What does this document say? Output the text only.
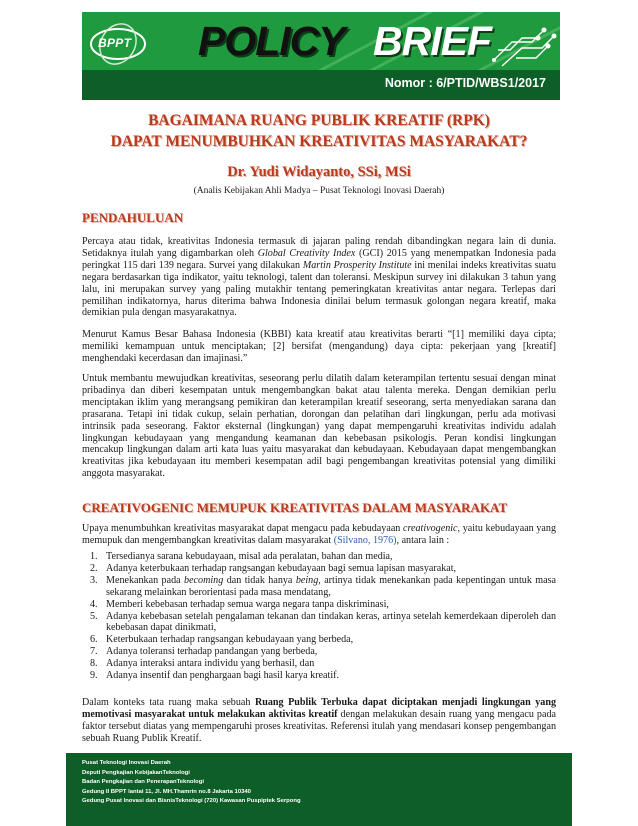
BPPT POLICY BRIEF
Nomor : 6/PTID/WBS1/2017
BAGAIMANA RUANG PUBLIK KREATIF (RPK)
DAPAT MENUMBUHKAN KREATIVITAS MASYARAKAT?
Dr. Yudi Widayanto, SSi, MSi
(Analis Kebijakan Ahli Madya – Pusat Teknologi Inovasi Daerah)
PENDAHULUAN

Percaya atau tidak, kreativitas Indonesia termasuk di jajaran paling rendah dibandingkan negara lain di dunia. Setidaknya itulah yang digambarkan oleh Global Creativity Index (GCI) 2015 yang menempatkan Indonesia pada peringkat 115 dari 139 negara. Survei yang dilakukan Martin Prosperity Institute ini menilai indeks kreativitas suatu negara berdasarkan tiga indikator, yaitu teknologi, talent dan toleransi. Meskipun survey ini dilakukan 3 tahun yang lalu, ini merupakan survey yang paling mutakhir tentang pemeringkatan kreativitas antar negara. Terlepas dari pemilihan indikatornya, harus diterima bahwa Indonesia dinilai belum termasuk golongan negara kreatif, maka demikian pula dengan masyarakatnya.

Menurut Kamus Besar Bahasa Indonesia (KBBI) kata kreatif atau kreativitas berarti “[1] memiliki daya cipta; memiliki kemampuan untuk menciptakan; [2] bersifat (mengandung) daya cipta: pekerjaan yang [kreatif] menghendaki kecerdasan dan imajinasi.”

Untuk membantu mewujudkan kreativitas, seseorang perlu dilatih dalam keterampilan tertentu sesuai dengan minat pribadinya dan diberi kesempatan untuk mengembangkan bakat atau talenta mereka. Dengan demikian perlu menciptakan iklim yang merangsang pemikiran dan keterampilan kreatif seseorang, serta menyediakan sarana dan prasarana. Tetapi ini tidak cukup, selain perhatian, dorongan dan pelatihan dari lingkungan, perlu ada motivasi intrinsik pada seseorang. Faktor eksternal (lingkungan) yang dapat mempengaruhi kreativitas individu adalah lingkungan kebudayaan yang mengandung keamanan dan kebebasan psikologis. Peran kondisi lingkungan mencakup lingkungan dalam arti kata luas yaitu masyarakat dan kebudayaan. Kebudayaan dapat mengembangkan kreativitas jika kebudayaan itu memberi kesempatan adil bagi pengembangan kreativitas potensial yang dimiliki anggota masyarakat.

CREATIVOGENIC MEMUPUK KREATIVITAS DALAM MASYARAKAT

Upaya menumbuhkan kreativitas masyarakat dapat mengacu pada kebudayaan creativogenic, yaitu kebudayaan yang memupuk dan mengembangkan kreativitas dalam masyarakat (Silvano, 1976), antara lain :

1. Tersedianya sarana kebudayaan, misal ada peralatan, bahan dan media,
2. Adanya keterbukaan terhadap rangsangan kebudayaan bagi semua lapisan masyarakat,
3. Menekankan pada becoming dan tidak hanya being, artinya tidak menekankan pada kepentingan untuk masa sekarang melainkan berorientasi pada masa mendatang,
4. Memberi kebebasan terhadap semua warga negara tanpa diskriminasi,
5. Adanya kebebasan setelah pengalaman tekanan dan tindakan keras, artinya setelah kemerdekaan diperoleh dan kebebasan dapat dinikmati,
6. Keterbukaan terhadap rangsangan kebudayaan yang berbeda,
7. Adanya toleransi terhadap pandangan yang berbeda,
8. Adanya interaksi antara individu yang berhasil, dan
9. Adanya insentif dan penghargaan bagi hasil karya kreatif.

Dalam konteks tata ruang maka sebuah Ruang Publik Terbuka dapat diciptakan menjadi lingkungan yang memotivasi masyarakat untuk melakukan aktivitas kreatif dengan melakukan desain ruang yang mengacu pada faktor tersebut diatas yang mempengaruhi proses kreativitas. Referensi itulah yang mendasari konsep pengembangan sebuah Ruang Publik Kreatif.

Pusat Teknologi Inovasi Daerah
Deputi Pengkajian KebijakanTeknologi
Badan Pengkajian dan PenerapanTeknologi
Gedung II BPPT lantai 11, Jl. MH.Thamrin no.8 Jakarta 10340
Gedung Pusat Inovasi dan BisnisTeknologi (720) Kawasan Puspiptek Serpong
